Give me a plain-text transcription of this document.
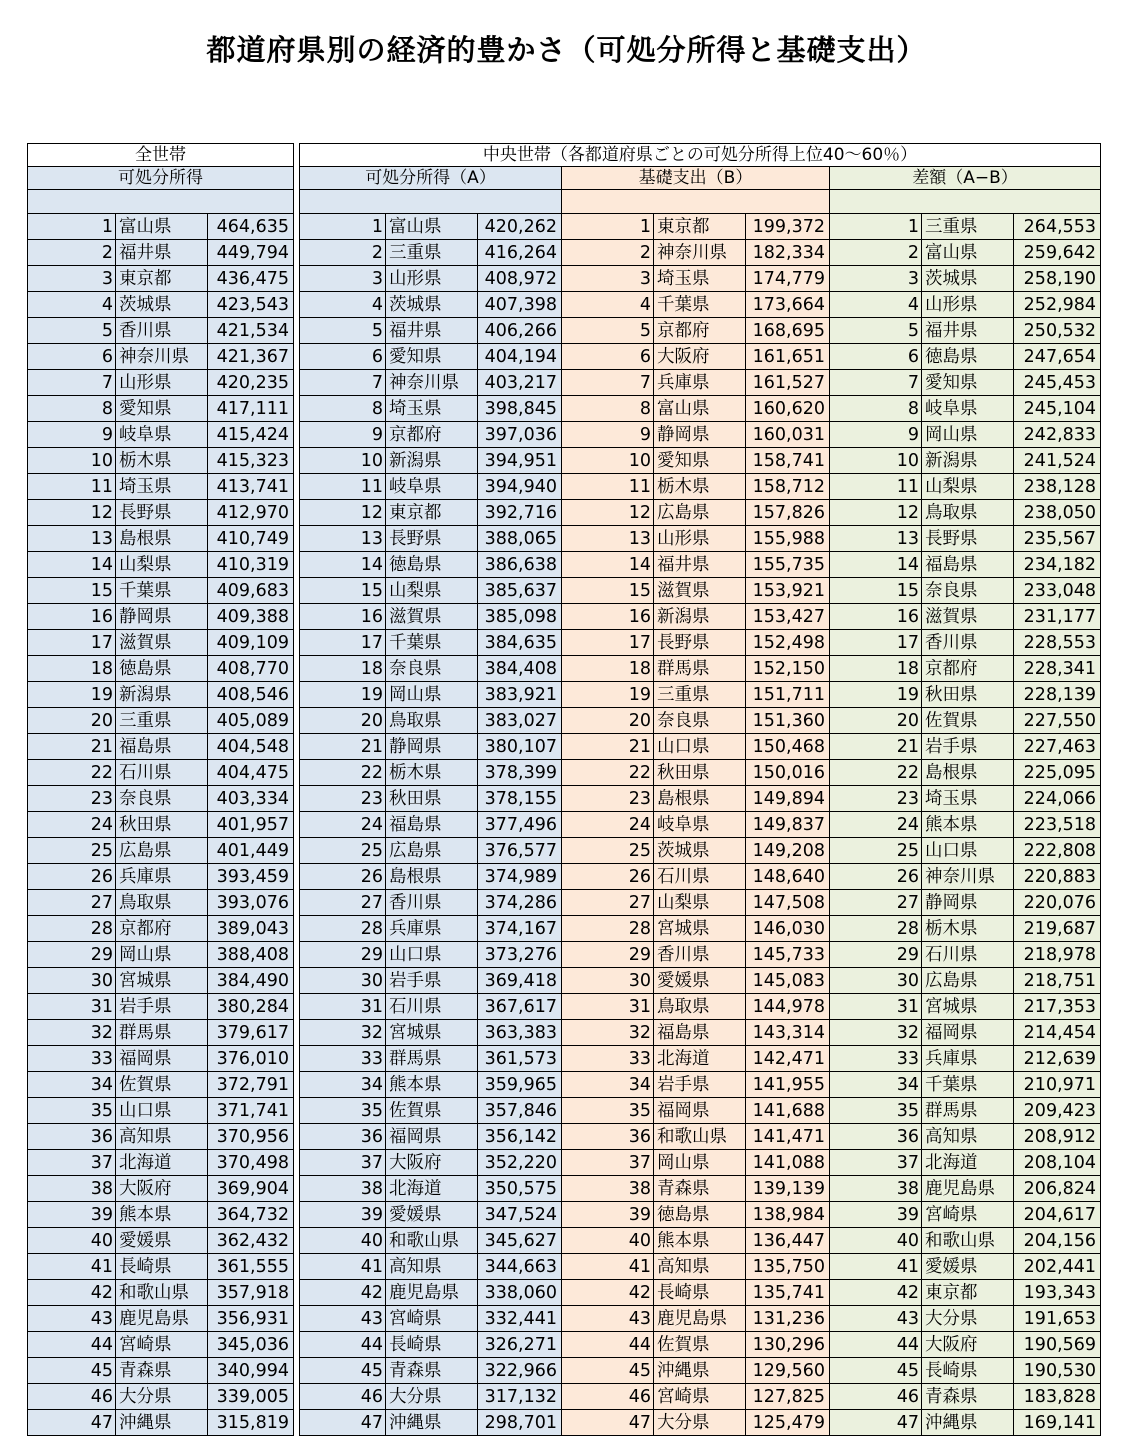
都道府県別の経済的豊かさ（可処分所得と基礎支出）
全世帯				中央世帯（各都道府県ごとの可処分所得上位40～60％）								
可処分所得				可処分所得（A）			基礎支出（B）			差額（A−B）		

1	富山県	464,635		1	富山県	420,262	1	東京都	199,372	1	三重県	264,553
2	福井県	449,794		2	三重県	416,264	2	神奈川県	182,334	2	富山県	259,642
3	東京都	436,475		3	山形県	408,972	3	埼玉県	174,779	3	茨城県	258,190
4	茨城県	423,543		4	茨城県	407,398	4	千葉県	173,664	4	山形県	252,984
5	香川県	421,534		5	福井県	406,266	5	京都府	168,695	5	福井県	250,532
6	神奈川県	421,367		6	愛知県	404,194	6	大阪府	161,651	6	徳島県	247,654
7	山形県	420,235		7	神奈川県	403,217	7	兵庫県	161,527	7	愛知県	245,453
8	愛知県	417,111		8	埼玉県	398,845	8	富山県	160,620	8	岐阜県	245,104
9	岐阜県	415,424		9	京都府	397,036	9	静岡県	160,031	9	岡山県	242,833
10	栃木県	415,323		10	新潟県	394,951	10	愛知県	158,741	10	新潟県	241,524
11	埼玉県	413,741		11	岐阜県	394,940	11	栃木県	158,712	11	山梨県	238,128
12	長野県	412,970		12	東京都	392,716	12	広島県	157,826	12	鳥取県	238,050
13	島根県	410,749		13	長野県	388,065	13	山形県	155,988	13	長野県	235,567
14	山梨県	410,319		14	徳島県	386,638	14	福井県	155,735	14	福島県	234,182
15	千葉県	409,683		15	山梨県	385,637	15	滋賀県	153,921	15	奈良県	233,048
16	静岡県	409,388		16	滋賀県	385,098	16	新潟県	153,427	16	滋賀県	231,177
17	滋賀県	409,109		17	千葉県	384,635	17	長野県	152,498	17	香川県	228,553
18	徳島県	408,770		18	奈良県	384,408	18	群馬県	152,150	18	京都府	228,341
19	新潟県	408,546		19	岡山県	383,921	19	三重県	151,711	19	秋田県	228,139
20	三重県	405,089		20	鳥取県	383,027	20	奈良県	151,360	20	佐賀県	227,550
21	福島県	404,548		21	静岡県	380,107	21	山口県	150,468	21	岩手県	227,463
22	石川県	404,475		22	栃木県	378,399	22	秋田県	150,016	22	島根県	225,095
23	奈良県	403,334		23	秋田県	378,155	23	島根県	149,894	23	埼玉県	224,066
24	秋田県	401,957		24	福島県	377,496	24	岐阜県	149,837	24	熊本県	223,518
25	広島県	401,449		25	広島県	376,577	25	茨城県	149,208	25	山口県	222,808
26	兵庫県	393,459		26	島根県	374,989	26	石川県	148,640	26	神奈川県	220,883
27	鳥取県	393,076		27	香川県	374,286	27	山梨県	147,508	27	静岡県	220,076
28	京都府	389,043		28	兵庫県	374,167	28	宮城県	146,030	28	栃木県	219,687
29	岡山県	388,408		29	山口県	373,276	29	香川県	145,733	29	石川県	218,978
30	宮城県	384,490		30	岩手県	369,418	30	愛媛県	145,083	30	広島県	218,751
31	岩手県	380,284		31	石川県	367,617	31	鳥取県	144,978	31	宮城県	217,353
32	群馬県	379,617		32	宮城県	363,383	32	福島県	143,314	32	福岡県	214,454
33	福岡県	376,010		33	群馬県	361,573	33	北海道	142,471	33	兵庫県	212,639
34	佐賀県	372,791		34	熊本県	359,965	34	岩手県	141,955	34	千葉県	210,971
35	山口県	371,741		35	佐賀県	357,846	35	福岡県	141,688	35	群馬県	209,423
36	高知県	370,956		36	福岡県	356,142	36	和歌山県	141,471	36	高知県	208,912
37	北海道	370,498		37	大阪府	352,220	37	岡山県	141,088	37	北海道	208,104
38	大阪府	369,904		38	北海道	350,575	38	青森県	139,139	38	鹿児島県	206,824
39	熊本県	364,732		39	愛媛県	347,524	39	徳島県	138,984	39	宮崎県	204,617
40	愛媛県	362,432		40	和歌山県	345,627	40	熊本県	136,447	40	和歌山県	204,156
41	長崎県	361,555		41	高知県	344,663	41	高知県	135,750	41	愛媛県	202,441
42	和歌山県	357,918		42	鹿児島県	338,060	42	長崎県	135,741	42	東京都	193,343
43	鹿児島県	356,931		43	宮崎県	332,441	43	鹿児島県	131,236	43	大分県	191,653
44	宮崎県	345,036		44	長崎県	326,271	44	佐賀県	130,296	44	大阪府	190,569
45	青森県	340,994		45	青森県	322,966	45	沖縄県	129,560	45	長崎県	190,530
46	大分県	339,005		46	大分県	317,132	46	宮崎県	127,825	46	青森県	183,828
47	沖縄県	315,819		47	沖縄県	298,701	47	大分県	125,479	47	沖縄県	169,141
